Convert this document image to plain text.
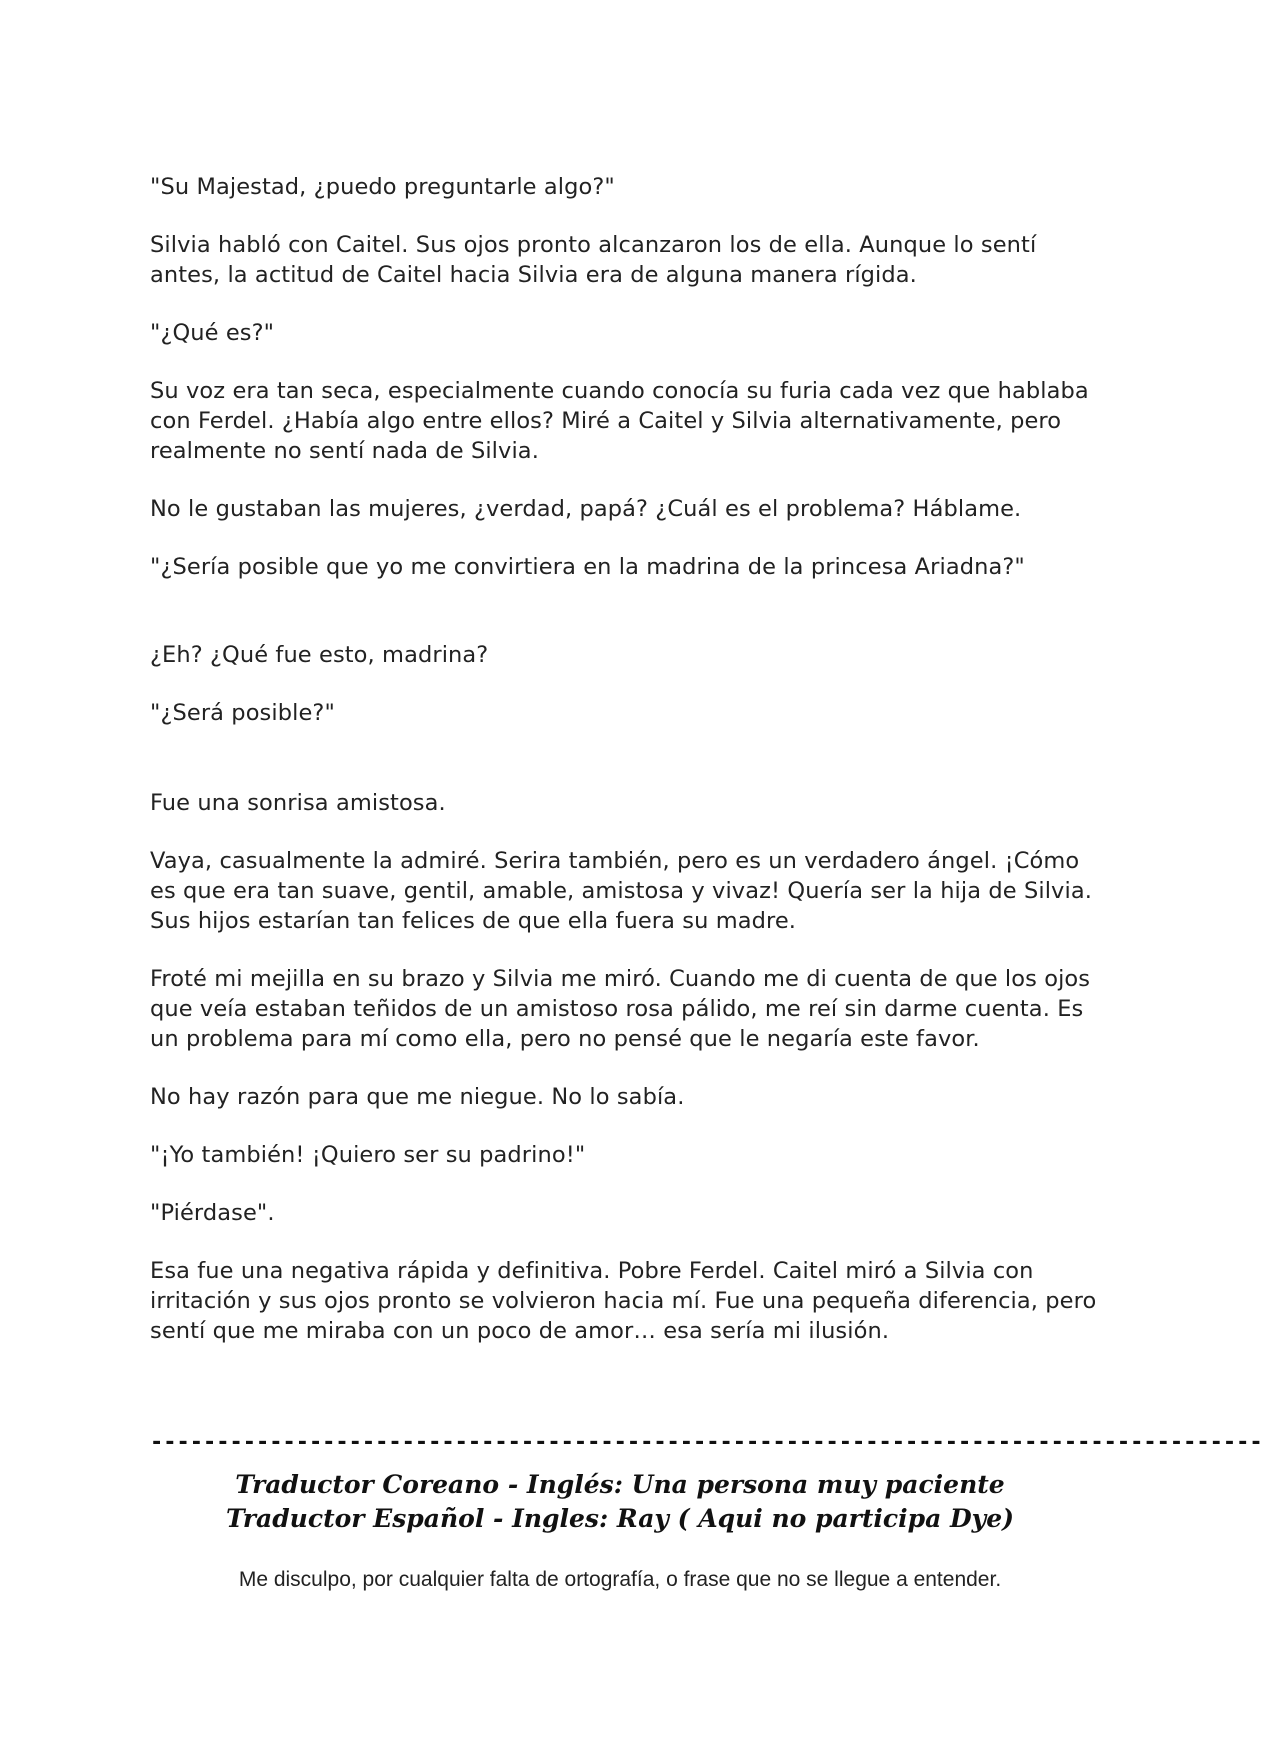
"Su Majestad, ¿puedo preguntarle algo?"

Silvia habló con Caitel. Sus ojos pronto alcanzaron los de ella. Aunque lo sentí antes, la actitud de Caitel hacia Silvia era de alguna manera rígida.

"¿Qué es?"

Su voz era tan seca, especialmente cuando conocía su furia cada vez que hablaba con Ferdel. ¿Había algo entre ellos? Miré a Caitel y Silvia alternativamente, pero realmente no sentí nada de Silvia.

No le gustaban las mujeres, ¿verdad, papá? ¿Cuál es el problema? Háblame.

"¿Sería posible que yo me convirtiera en la madrina de la princesa Ariadna?"

¿Eh? ¿Qué fue esto, madrina?

"¿Será posible?"

Fue una sonrisa amistosa.

Vaya, casualmente la admiré. Serira también, pero es un verdadero ángel. ¡Cómo es que era tan suave, gentil, amable, amistosa y vivaz! Quería ser la hija de Silvia. Sus hijos estarían tan felices de que ella fuera su madre.

Froté mi mejilla en su brazo y Silvia me miró. Cuando me di cuenta de que los ojos que veía estaban teñidos de un amistoso rosa pálido, me reí sin darme cuenta. Es un problema para mí como ella, pero no pensé que le negaría este favor.

No hay razón para que me niegue. No lo sabía.

"¡Yo también! ¡Quiero ser su padrino!"

"Piérdase".

Esa fue una negativa rápida y definitiva. Pobre Ferdel. Caitel miró a Silvia con irritación y sus ojos pronto se volvieron hacia mí. Fue una pequeña diferencia, pero sentí que me miraba con un poco de amor… esa sería mi ilusión.

------------------------------------------------------------------------------------
Traductor Coreano - Inglés: Una persona muy paciente
Traductor Español - Ingles: Ray ( Aqui no participa Dye)
Me disculpo, por cualquier falta de ortografía, o frase que no se llegue a entender.
